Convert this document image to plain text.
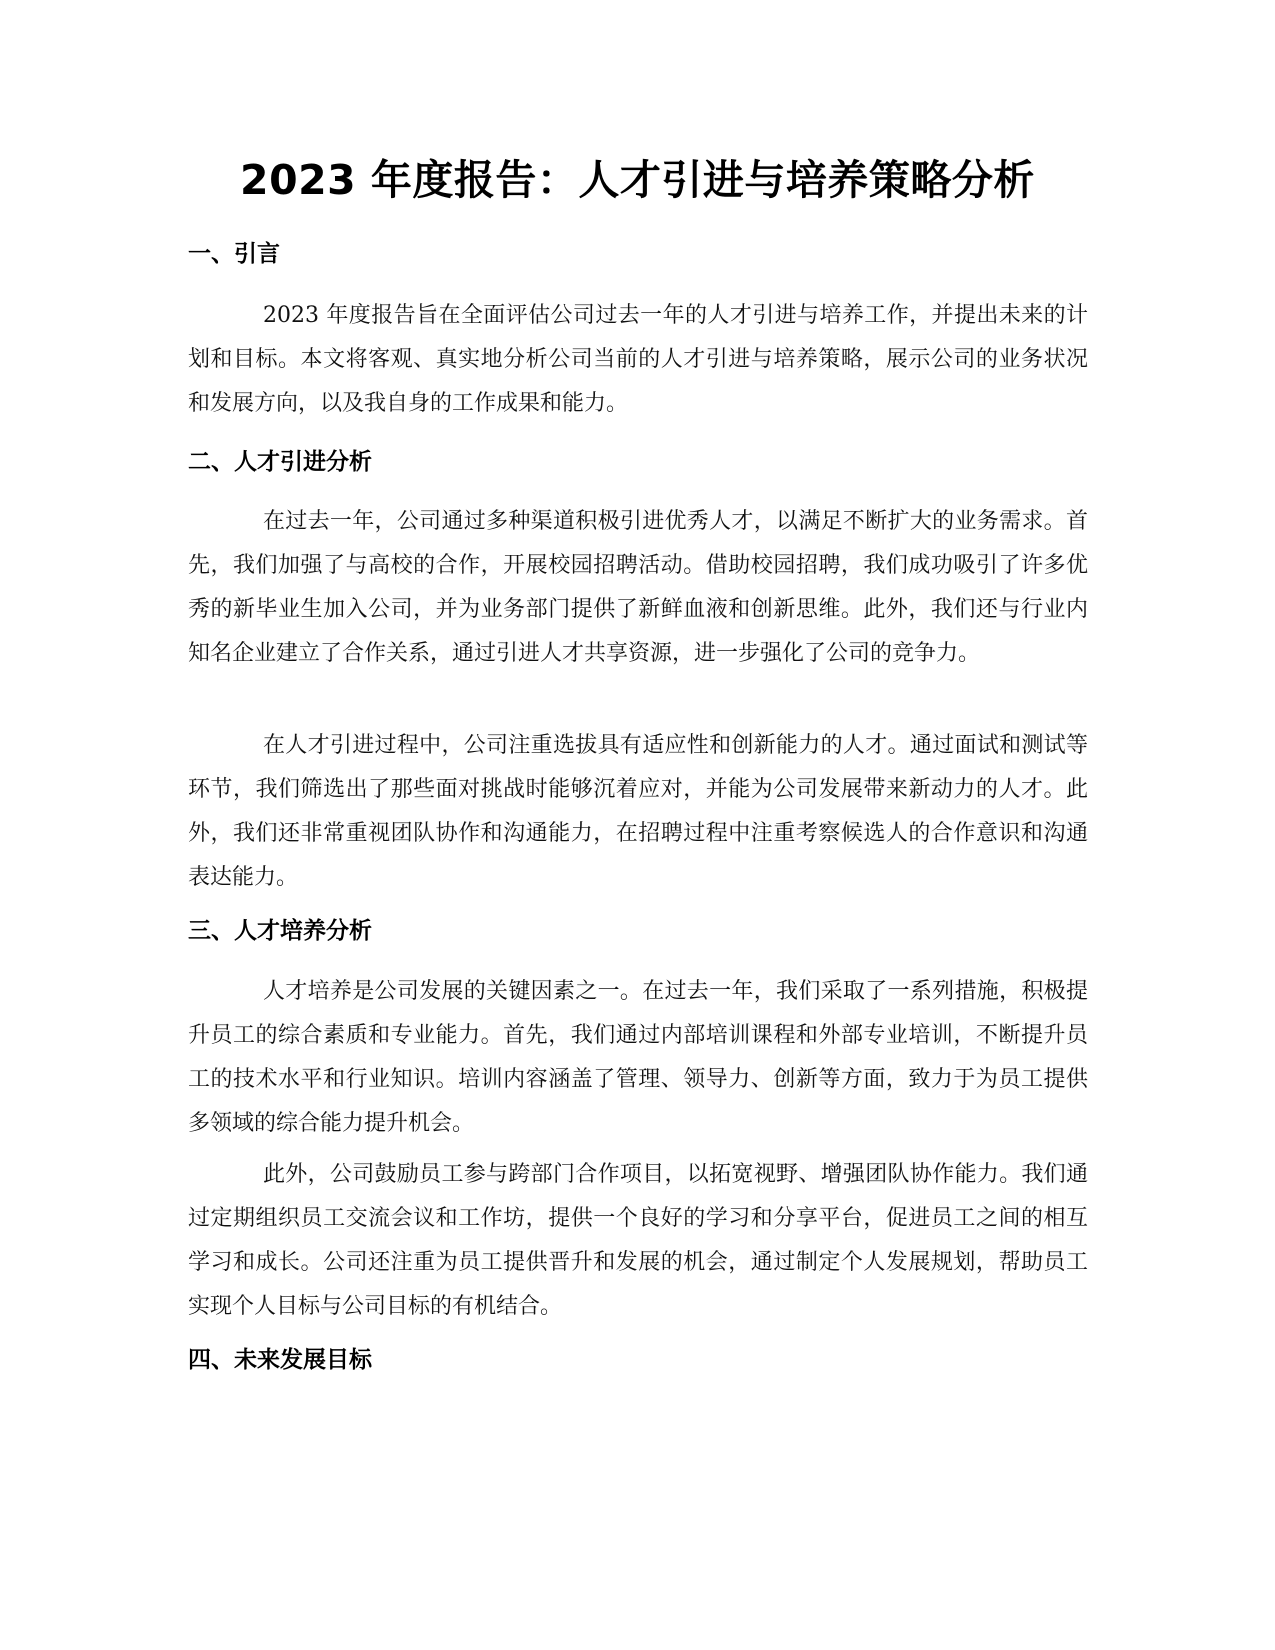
2023 年度报告：人才引进与培养策略分析
一、引言

2023 年度报告旨在全面评估公司过去一年的人才引进与培养工作，并提出未来的计划和目标。本文将客观、真实地分析公司当前的人才引进与培养策略，展示公司的业务状况和发展方向，以及我自身的工作成果和能力。

二、人才引进分析

在过去一年，公司通过多种渠道积极引进优秀人才，以满足不断扩大的业务需求。首先，我们加强了与高校的合作，开展校园招聘活动。借助校园招聘，我们成功吸引了许多优秀的新毕业生加入公司，并为业务部门提供了新鲜血液和创新思维。此外，我们还与行业内知名企业建立了合作关系，通过引进人才共享资源，进一步强化了公司的竞争力。

在人才引进过程中，公司注重选拔具有适应性和创新能力的人才。通过面试和测试等环节，我们筛选出了那些面对挑战时能够沉着应对，并能为公司发展带来新动力的人才。此外，我们还非常重视团队协作和沟通能力，在招聘过程中注重考察候选人的合作意识和沟通表达能力。

三、人才培养分析

人才培养是公司发展的关键因素之一。在过去一年，我们采取了一系列措施，积极提升员工的综合素质和专业能力。首先，我们通过内部培训课程和外部专业培训，不断提升员工的技术水平和行业知识。培训内容涵盖了管理、领导力、创新等方面，致力于为员工提供多领域的综合能力提升机会。

此外，公司鼓励员工参与跨部门合作项目，以拓宽视野、增强团队协作能力。我们通过定期组织员工交流会议和工作坊，提供一个良好的学习和分享平台，促进员工之间的相互学习和成长。公司还注重为员工提供晋升和发展的机会，通过制定个人发展规划，帮助员工实现个人目标与公司目标的有机结合。

四、未来发展目标
